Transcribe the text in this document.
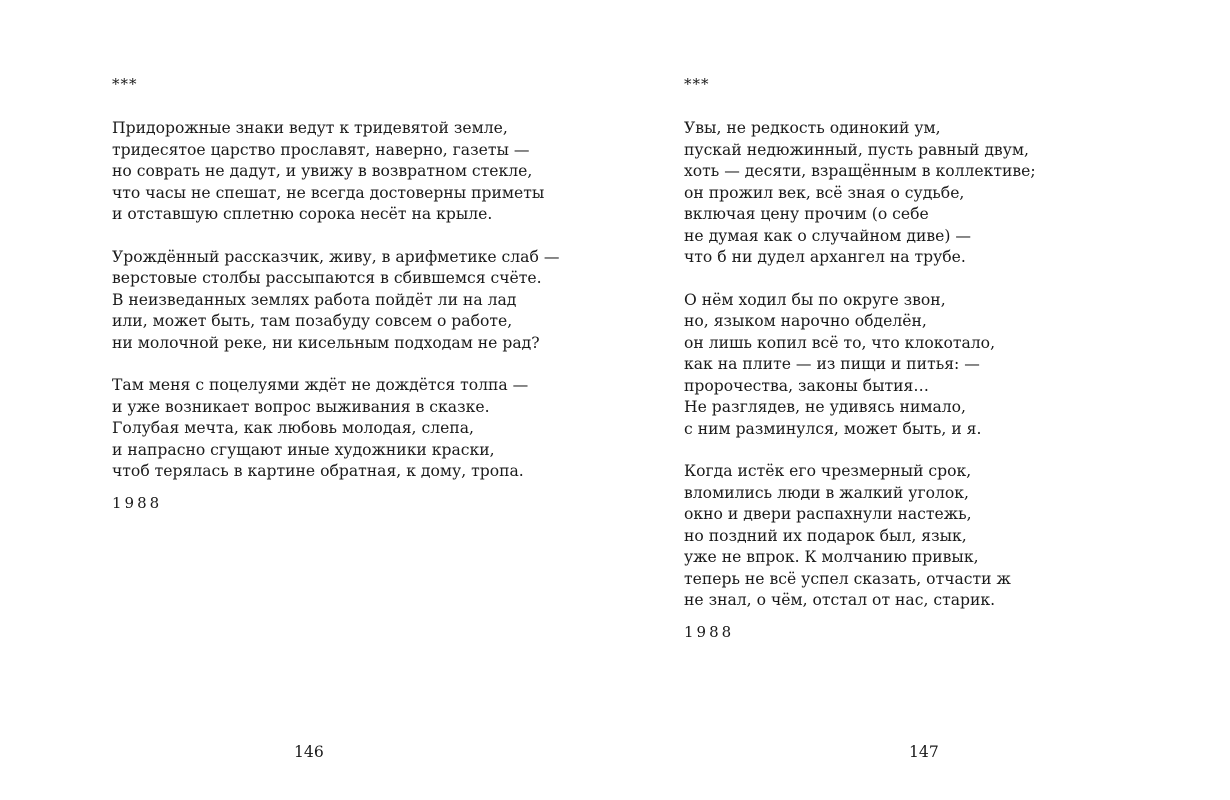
***
Придорожные знаки ведут к тридевятой земле,
тридесятое царство прославят, наверно, газеты —
но соврать не дадут, и увижу в возвратном стекле,
что часы не спешат, не всегда достоверны приметы
и отставшую сплетню сорока несёт на крыле.
Урождённый рассказчик, живу, в арифметике слаб —
верстовые столбы рассыпаются в сбившемся счёте.
В неизведанных землях работа пойдёт ли на лад
или, может быть, там позабуду совсем о работе,
ни молочной реке, ни кисельным подходам не рад?
Там меня с поцелуями ждёт не дождётся толпа —
и уже возникает вопрос выживания в сказке.
Голубая мечта, как любовь молодая, слепа,
и напрасно сгущают иные художники краски,
чтоб терялась в картине обратная, к дому, тропа.
1988
146
***
Увы, не редкость одинокий ум,
пускай недюжинный, пусть равный двум,
хоть — десяти, взращённым в коллективе;
он прожил век, всё зная о судьбе,
включая цену прочим (о себе
не думая как о случайном диве) —
что б ни дудел архангел на трубе.
О нём ходил бы по округе звон,
но, языком нарочно обделён,
он лишь копил всё то, что клокотало,
как на плите — из пищи и питья: —
пророчества, законы бытия…
Не разглядев, не удивясь нимало,
с ним разминулся, может быть, и я.
Когда истёк его чрезмерный срок,
вломились люди в жалкий уголок,
окно и двери распахнули настежь,
но поздний их подарок был, язык,
уже не впрок. К молчанию привык,
теперь не всё успел сказать, отчасти ж
не знал, о чём, отстал от нас, старик.
1988
147
